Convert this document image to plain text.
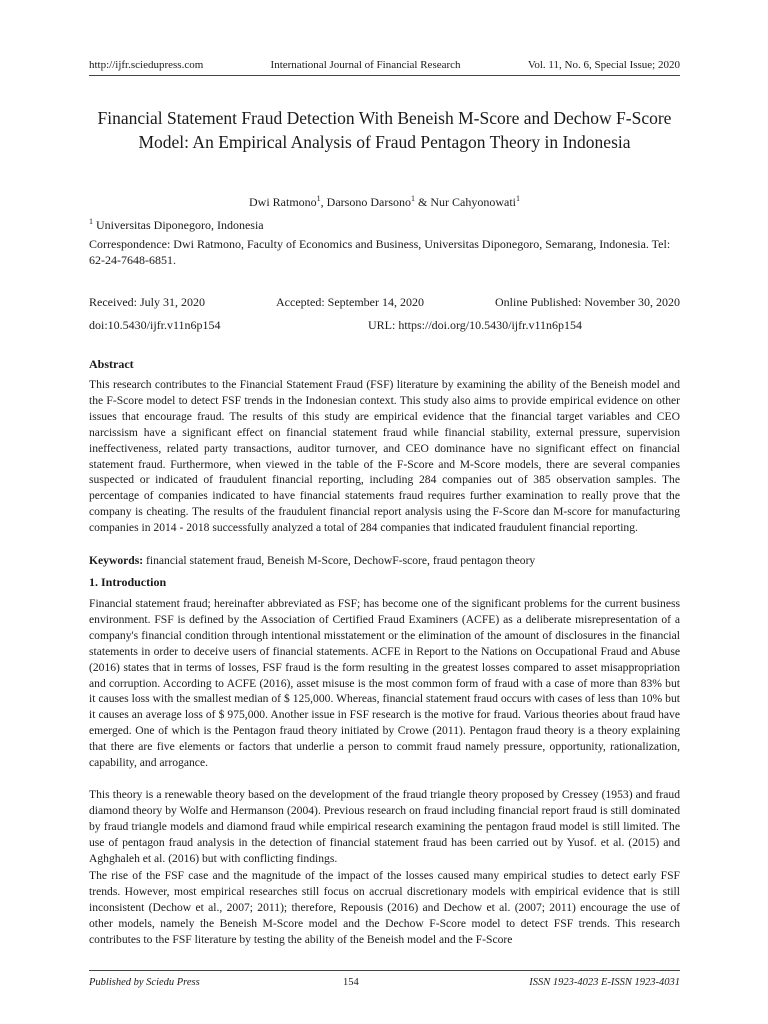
http://ijfr.sciedupress.com	International Journal of Financial Research	Vol. 11, No. 6, Special Issue; 2020
Financial Statement Fraud Detection With Beneish M-Score and Dechow F-Score Model: An Empirical Analysis of Fraud Pentagon Theory in Indonesia
Dwi Ratmono$^1$, Darsono Darsono$^1$ & Nur Cahyonowati$^1$
$^1$ Universitas Diponegoro, Indonesia
Correspondence: Dwi Ratmono, Faculty of Economics and Business, Universitas Diponegoro, Semarang, Indonesia. Tel: 62-24-7648-6851.
Received: July 31, 2020	Accepted: September 14, 2020	Online Published: November 30, 2020
doi:10.5430/ijfr.v11n6p154	URL: https://doi.org/10.5430/ijfr.v11n6p154
Abstract

This research contributes to the Financial Statement Fraud (FSF) literature by examining the ability of the Beneish model and the F-Score model to detect FSF trends in the Indonesian context. This study also aims to provide empirical evidence on other issues that encourage fraud. The results of this study are empirical evidence that the financial target variables and CEO narcissism have a significant effect on financial statement fraud while financial stability, external pressure, supervision ineffectiveness, related party transactions, auditor turnover, and CEO dominance have no significant effect on financial statement fraud. Furthermore, when viewed in the table of the F-Score and M-Score models, there are several companies suspected or indicated of fraudulent financial reporting, including 284 companies out of 385 observation samples. The percentage of companies indicated to have financial statements fraud requires further examination to really prove that the company is cheating. The results of the fraudulent financial report analysis using the F-Score dan M-score for manufacturing companies in 2014 - 2018 successfully analyzed a total of 284 companies that indicated fraudulent financial reporting.

Keywords: financial statement fraud, Beneish M-Score, DechowF-score, fraud pentagon theory
1. Introduction

Financial statement fraud; hereinafter abbreviated as FSF; has become one of the significant problems for the current business environment. FSF is defined by the Association of Certified Fraud Examiners (ACFE) as a deliberate misrepresentation of a company's financial condition through intentional misstatement or the elimination of the amount of disclosures in the financial statements in order to deceive users of financial statements. ACFE in Report to the Nations on Occupational Fraud and Abuse (2016) states that in terms of losses, FSF fraud is the form resulting in the greatest losses compared to asset misappropriation and corruption. According to ACFE (2016), asset misuse is the most common form of fraud with a case of more than 83% but it causes loss with the smallest median of $ 125,000. Whereas, financial statement fraud occurs with cases of less than 10% but it causes an average loss of $ 975,000. Another issue in FSF research is the motive for fraud. Various theories about fraud have emerged. One of which is the Pentagon fraud theory initiated by Crowe (2011). Pentagon fraud theory is a theory explaining that there are five elements or factors that underlie a person to commit fraud namely pressure, opportunity, rationalization, capability, and arrogance.

This theory is a renewable theory based on the development of the fraud triangle theory proposed by Cressey (1953) and fraud diamond theory by Wolfe and Hermanson (2004). Previous research on fraud including financial report fraud is still dominated by fraud triangle models and diamond fraud while empirical research examining the pentagon fraud model is still limited. The use of pentagon fraud analysis in the detection of financial statement fraud has been carried out by Yusof. et al. (2015) and Aghghaleh et al. (2016) but with conflicting findings.

The rise of the FSF case and the magnitude of the impact of the losses caused many empirical studies to detect early FSF trends. However, most empirical researches still focus on accrual discretionary models with empirical evidence that is still inconsistent (Dechow et al., 2007; 2011); therefore, Repousis (2016) and Dechow et al. (2007; 2011) encourage the use of other models, namely the Beneish M-Score model and the Dechow F-Score model to detect FSF trends. This research contributes to the FSF literature by testing the ability of the Beneish model and the F-Score

Published by Sciedu Press	154	ISSN 1923-4023 E-ISSN 1923-4031
